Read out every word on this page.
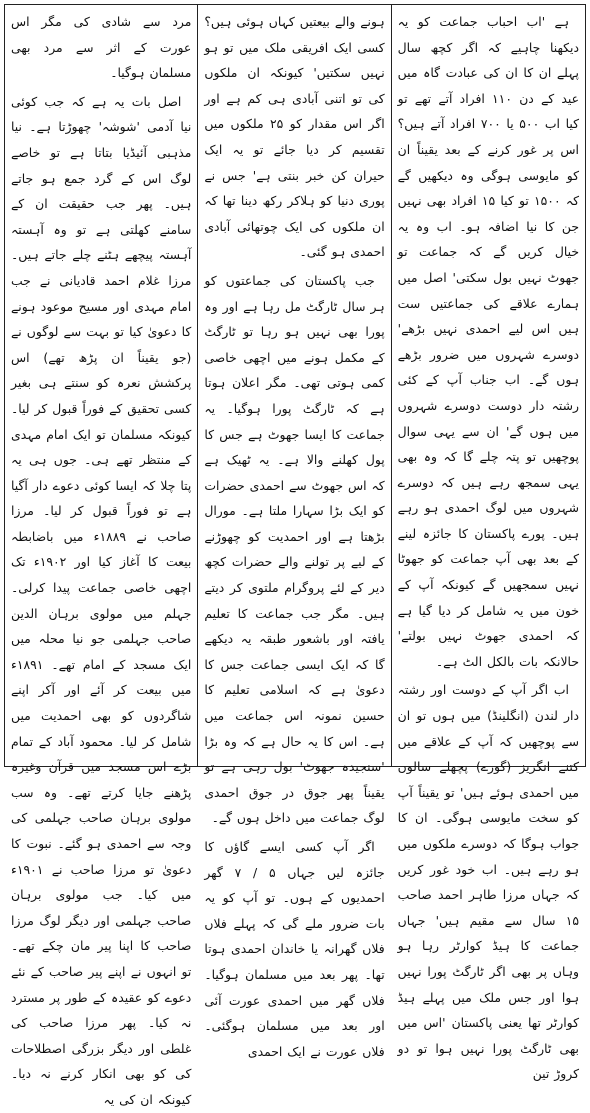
ہے 'اب احباب جماعت کو یہ دیکھنا چاہیے کہ اگر کچھ سال پہلے ان کا ان کی عبادت گاہ میں عید کے دن ۱۱۰ افراد آتے تھے تو کیا اب ۵۰۰ یا ۷۰۰ افراد آتے ہیں؟ اس پر غور کرنے کے بعد یقیناً ان کو مایوسی ہوگی وہ دیکھیں گے کہ ۱۵۰۰ تو کیا ۱۵ افراد بھی نہیں جن کا نیا اضافہ ہو۔ اب وہ یہ خیال کریں گے کہ جماعت تو جھوٹ نہیں بول سکتی' اصل میں ہمارے علاقے کی جماعتیں ست ہیں اس لیے احمدی نہیں بڑھے' دوسرے شہروں میں ضرور بڑھے ہوں گے۔ اب جناب آپ کے کئی رشتہ دار دوست دوسرے شہروں میں ہوں گے' ان سے یہی سوال پوچھیں تو پتہ چلے گا کہ وہ بھی یہی سمجھ رہے ہیں کہ دوسرے شہروں میں لوگ احمدی ہو رہے ہیں۔ پورے پاکستان کا جائزہ لینے کے بعد بھی آپ جماعت کو جھوٹا نہیں سمجھیں گے کیونکہ آپ کے خون میں یہ شامل کر دیا گیا ہے کہ احمدی جھوٹ نہیں بولتے' حالانکہ بات بالکل الٹ ہے۔

اب اگر آپ کے دوست اور رشتہ دار لندن (انگلینڈ) میں ہوں تو ان سے پوچھیں کہ آپ کے علاقے میں کتنے انگریز (گورے) پچھلے سالوں میں احمدی ہوئے ہیں' تو یقیناً آپ کو سخت مایوسی ہوگی۔ ان کا جواب ہوگا کہ دوسرے ملکوں میں ہو رہے ہیں۔ اب خود غور کریں کہ جہاں مرزا طاہر احمد صاحب ۱۵ سال سے مقیم ہیں' جہاں جماعت کا ہیڈ کوارٹر رہا ہو وہاں پر بھی اگر ٹارگٹ پورا نہیں ہوا اور جس ملک میں پہلے ہیڈ کوارٹر تھا یعنی پاکستان 'اس میں بھی ٹارگٹ پورا نہیں ہوا تو دو کروڑ تین

ہونے والے بیعتیں کہاں ہوئی ہیں؟ کسی ایک افریقی ملک میں تو ہو نہیں سکتیں' کیونکہ ان ملکوں کی تو اتنی آبادی ہی کم ہے اور اگر اس مقدار کو ۲۵ ملکوں میں تقسیم کر دیا جائے تو یہ ایک حیران کن خبر بنتی ہے' جس نے پوری دنیا کو ہلاکر رکھ دینا تھا کہ ان ملکوں کی ایک چوتھائی آبادی احمدی ہو گئی۔

جب پاکستان کی جماعتوں کو ہر سال ٹارگٹ مل رہا ہے اور وہ پورا بھی نہیں ہو رہا تو ٹارگٹ کے مکمل ہونے میں اچھی خاصی کمی ہوتی تھی۔ مگر اعلان ہوتا ہے کہ ٹارگٹ پورا ہوگیا۔ یہ جماعت کا ایسا جھوٹ ہے جس کا پول کھلنے والا ہے۔ یہ ٹھیک ہے کہ اس جھوٹ سے احمدی حضرات کو ایک بڑا سہارا ملتا ہے۔ مورال بڑھتا ہے اور احمدیت کو چھوڑنے کے لیے پر تولنے والے حضرات کچھ دیر کے لئے پروگرام ملتوی کر دیتے ہیں۔ مگر جب جماعت کا تعلیم یافتہ اور باشعور طبقہ یہ دیکھے گا کہ ایک ایسی جماعت جس کا دعویٰ ہے کہ اسلامی تعلیم کا حسین نمونہ اس جماعت میں ہے۔ اس کا یہ حال ہے کہ وہ بڑا 'سنجیدہ جھوٹ' بول رہی ہے تو یقیناً پھر جوق در جوق احمدی لوگ جماعت میں داخل ہوں گے۔

اگر آپ کسی ایسے گاؤں کا جائزہ لیں جہاں ۵ / ۷ گھر احمدیوں کے ہوں۔ تو آپ کو یہ بات ضرور ملے گی کہ پہلے فلاں فلاں گھرانہ یا خاندان احمدی ہوتا تھا۔ پھر بعد میں مسلمان ہوگیا۔ فلاں گھر میں احمدی عورت آئی اور بعد میں مسلمان ہوگئی۔ فلاں عورت نے ایک احمدی

مرد سے شادی کی مگر اس عورت کے اثر سے مرد بھی مسلمان ہوگیا۔

اصل بات یہ ہے کہ جب کوئی نیا آدمی 'شوشہ' چھوڑتا ہے۔ نیا مذہبی آئیڈیا بتاتا ہے تو خاصے لوگ اس کے گرد جمع ہو جاتے ہیں۔ پھر جب حقیقت ان کے سامنے کھلتی ہے تو وہ آہستہ آہستہ پیچھے ہٹنے چلے جاتے ہیں۔ مرزا غلام احمد قادیانی نے جب امام مہدی اور مسیح موعود ہونے کا دعویٰ کیا تو بہت سے لوگوں نے (جو یقیناً ان پڑھ تھے) اس پرکشش نعرہ کو سنتے ہی بغیر کسی تحقیق کے فوراً قبول کر لیا۔ کیونکہ مسلمان تو ایک امام مہدی کے منتظر تھے ہی۔ جوں ہی یہ پتا چلا کہ ایسا کوئی دعوے دار آگیا ہے تو فوراً قبول کر لیا۔ مرزا صاحب نے ۱۸۸۹ء میں باضابطہ بیعت کا آغاز کیا اور ۱۹۰۲ء تک اچھی خاصی جماعت پیدا کرلی۔ جہلم میں مولوی برہان الدین صاحب جہلمی جو نیا محلہ میں ایک مسجد کے امام تھے۔ ۱۸۹۱ء میں بیعت کر آئے اور آکر اپنے شاگردوں کو بھی احمدیت میں شامل کر لیا۔ محمود آباد کے تمام بڑے اس مسجد میں قرآن وغیرہ پڑھنے جایا کرتے تھے۔ وہ سب مولوی برہان صاحب جہلمی کی وجہ سے احمدی ہو گئے۔ نبوت کا دعویٰ تو مرزا صاحب نے ۱۹۰۱ء میں کیا۔ جب مولوی برہان صاحب جہلمی اور دیگر لوگ مرزا صاحب کا اپنا پیر مان چکے تھے۔ تو انہوں نے اپنے پیر صاحب کے نئے دعوے کو عقیدہ کے طور پر مسترد نہ کیا۔ پھر مرزا صاحب کی غلطی اور دیگر بزرگی اصطلاحات کی کو بھی انکار کرنے نہ دیا۔ کیونکہ ان کی یہ
